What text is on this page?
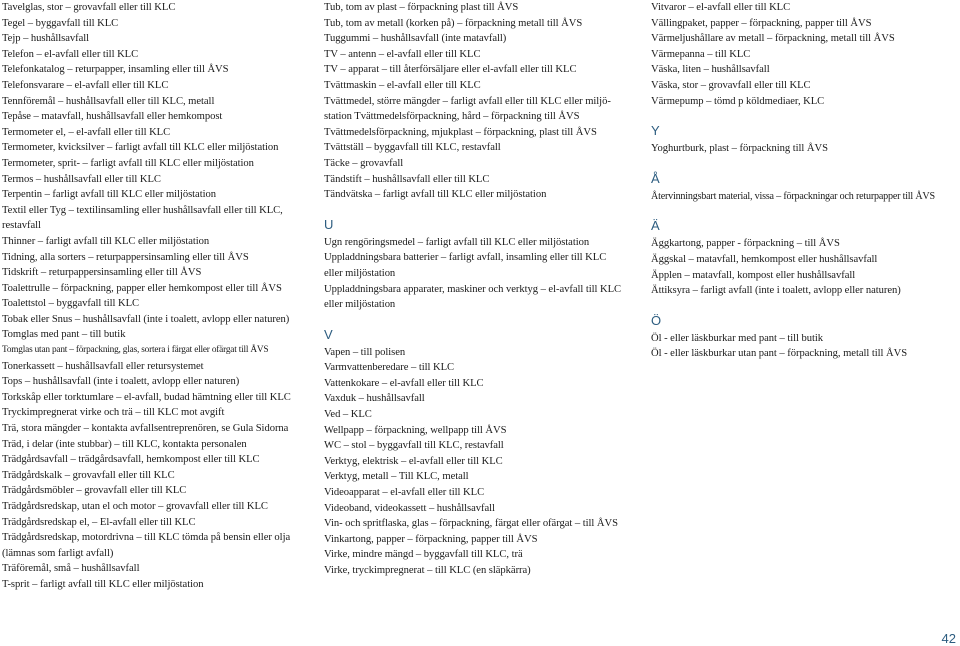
Tavelglas, stor – grovavfall eller till KLC
Tegel – byggavfall till KLC
Tejp – hushållsavfall
Telefon – el-avfall eller till KLC
Telefonkatalog – returpapper, insamling eller till ÅVS
Telefonsvarare – el-avfall eller till KLC
Tennföremål – hushållsavfall eller till KLC, metall
Tepåse – matavfall, hushållsavfall eller hemkompost
Termometer el, – el-avfall eller till KLC
Termometer, kvicksilver – farligt avfall till KLC eller miljöstation
Termometer, sprit- – farligt avfall till KLC eller miljöstation
Termos – hushållsavfall eller till KLC
Terpentin – farligt avfall till KLC eller miljöstation
Textil eller Tyg – textilinsamling eller hushållsavfall eller till KLC, restavfall
Thinner – farligt avfall till KLC eller miljöstation
Tidning, alla sorters – returpappersinsamling eller till ÅVS
Tidskrift – returpappersinsamling eller till ÅVS
Toalettrulle – förpackning, papper eller hemkompost eller till ÅVS
Toalettstol – byggavfall till KLC
Tobak eller Snus – hushållsavfall (inte i toalett, avlopp eller naturen)
Tomglas med pant – till butik
Tomglas utan pant – förpackning, glas, sortera i färgat eller ofärgat till ÅVS
Tonerkassett – hushållsavfall eller retursystemet
Tops – hushållsavfall (inte i toalett, avlopp eller naturen)
Torkskåp eller torktumlare – el-avfall, budad hämtning eller till KLC
Tryckimpregnerat virke och trä – till KLC mot avgift
Trä, stora mängder – kontakta avfallsentreprenören, se Gula Sidorna
Träd, i delar (inte stubbar) – till KLC, kontakta personalen
Trädgårdsavfall – trädgårdsavfall, hemkompost eller till KLC
Trädgårdskalk – grovavfall eller till KLC
Trädgårdsmöbler – grovavfall eller till KLC
Trädgårdsredskap, utan el och motor – grovavfall eller till KLC
Trädgårdsredskap el, – El-avfall eller till KLC
Trädgårdsredskap, motordrivna – till KLC tömda på bensin eller olja (lämnas som farligt avfall)
Träföremål, små – hushållsavfall
T-sprit – farligt avfall till KLC eller miljöstation
Tub, tom av plast – förpackning plast till ÅVS
Tub, tom av metall (korken på) – förpackning metall till ÅVS
Tuggummi – hushållsavfall (inte matavfall)
TV – antenn – el-avfall eller till KLC
TV – apparat – till återförsäljare eller el-avfall eller till KLC
Tvättmaskin – el-avfall eller till KLC
Tvättmedel, större mängder – farligt avfall eller till KLC eller miljö- station Tvättmedelsförpackning, hård – förpackning till ÅVS
Tvättmedelsförpackning, mjukplast – förpackning, plast till ÅVS
Tvättställ – byggavfall till KLC, restavfall
Täcke – grovavfall
Tändstift – hushållsavfall eller till KLC
Tändvätska – farligt avfall till KLC eller miljöstation
U
Ugn rengöringsmedel – farligt avfall till KLC eller miljöstation
Uppladdningsbara batterier – farligt avfall, insamling eller till KLC eller miljöstation
Uppladdningsbara apparater, maskiner och verktyg – el-avfall till KLC eller miljöstation
V
Vapen – till polisen
Varmvattenberedare – till KLC
Vattenkokare – el-avfall eller till KLC
Vaxduk – hushållsavfall
Ved – KLC
Wellpapp – förpackning, wellpapp till ÅVS
WC – stol – byggavfall till KLC, restavfall
Verktyg, elektrisk – el-avfall eller till KLC
Verktyg, metall – Till KLC, metall
Videoapparat – el-avfall eller till KLC
Videoband, videokassett – hushållsavfall
Vin- och spritflaska, glas – förpackning, färgat eller ofärgat – till ÅVS
Vinkartong, papper – förpackning, papper till ÅVS
Virke, mindre mängd – byggavfall till KLC, trä
Virke, tryckimpregnerat – till KLC (en släpkärra)
Vitvaror – el-avfall eller till KLC
Vällingpaket, papper – förpackning, papper till ÅVS
Värmeljushållare av metall – förpackning, metall till ÅVS
Värmepanna – till KLC
Väska, liten – hushållsavfall
Väska, stor – grovavfall eller till KLC
Värmepump – tömd p köldmediaer, KLC
Y
Yoghurtburk, plast – förpackning till ÅVS
Å
Återvinningsbart material, vissa – förpackningar och returpapper till ÅVS
Ä
Äggkartong, papper - förpackning – till ÅVS
Äggskal – matavfall, hemkompost eller hushållsavfall
Äpplen – matavfall, kompost eller hushållsavfall
Ättiksyra – farligt avfall (inte i toalett, avlopp eller naturen)
Ö
Öl - eller läskburkar med pant – till butik
Öl - eller läskburkar utan pant – förpackning, metall till ÅVS
42
